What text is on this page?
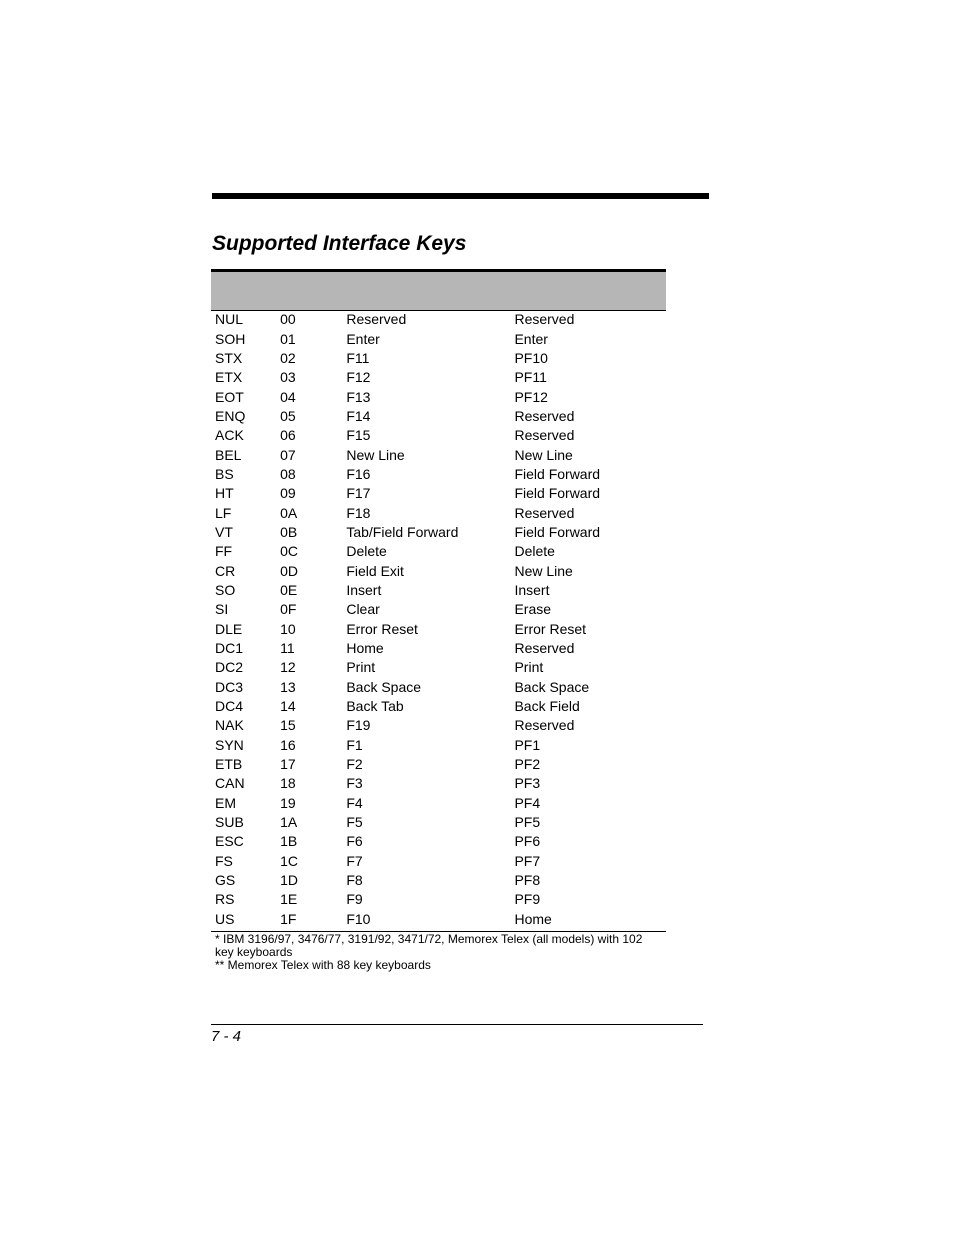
Supported Interface Keys
NUL	00	Reserved	Reserved
SOH	01	Enter	Enter
STX	02	F11	PF10
ETX	03	F12	PF11
EOT	04	F13	PF12
ENQ	05	F14	Reserved
ACK	06	F15	Reserved
BEL	07	New Line	New Line
BS	08	F16	Field Forward
HT	09	F17	Field Forward
LF	0A	F18	Reserved
VT	0B	Tab/Field Forward	Field Forward
FF	0C	Delete	Delete
CR	0D	Field Exit	New Line
SO	0E	Insert	Insert
SI	0F	Clear	Erase
DLE	10	Error Reset	Error Reset
DC1	11	Home	Reserved
DC2	12	Print	Print
DC3	13	Back Space	Back Space
DC4	14	Back Tab	Back Field
NAK	15	F19	Reserved
SYN	16	F1	PF1
ETB	17	F2	PF2
CAN	18	F3	PF3
EM	19	F4	PF4
SUB	1A	F5	PF5
ESC	1B	F6	PF6
FS	1C	F7	PF7
GS	1D	F8	PF8
RS	1E	F9	PF9
US	1F	F10	Home
* IBM 3196/97, 3476/77, 3191/92, 3471/72, Memorex Telex (all models) with 102 key keyboards
** Memorex Telex with 88 key keyboards
7 - 4
